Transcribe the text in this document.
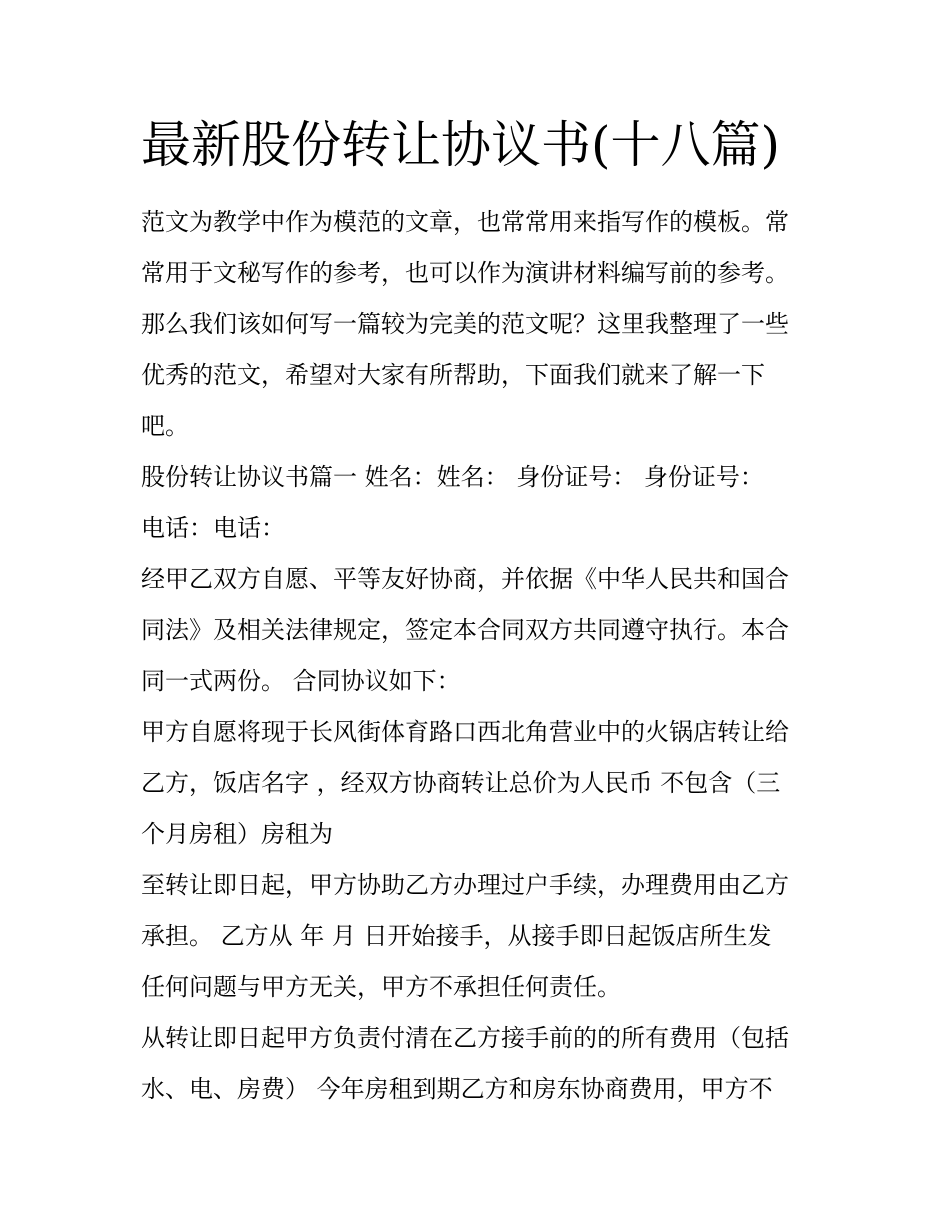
最新股份转让协议书(十八篇)

范文为教学中作为模范的文章，也常常用来指写作的模板。常

常用于文秘写作的参考，也可以作为演讲材料编写前的参考。

那么我们该如何写一篇较为完美的范文呢？这里我整理了一些

优秀的范文，希望对大家有所帮助，下面我们就来了解一下

吧。

股份转让协议书篇一 姓名：姓名： 身份证号： 身份证号：

电话：电话：

经甲乙双方自愿、平等友好协商，并依据《中华人民共和国合

同法》及相关法律规定，签定本合同双方共同遵守执行。本合

同一式两份。 合同协议如下：

甲方自愿将现于长风街体育路口西北角营业中的火锅店转让给

乙方，饭店名字 ，经双方协商转让总价为人民币 不包含（三

个月房租）房租为

至转让即日起，甲方协助乙方办理过户手续，办理费用由乙方

承担。 乙方从 年 月 日开始接手，从接手即日起饭店所生发

任何问题与甲方无关，甲方不承担任何责任。

从转让即日起甲方负责付清在乙方接手前的的所有费用（包括

水、电、房费） 今年房租到期乙方和房东协商费用，甲方不
